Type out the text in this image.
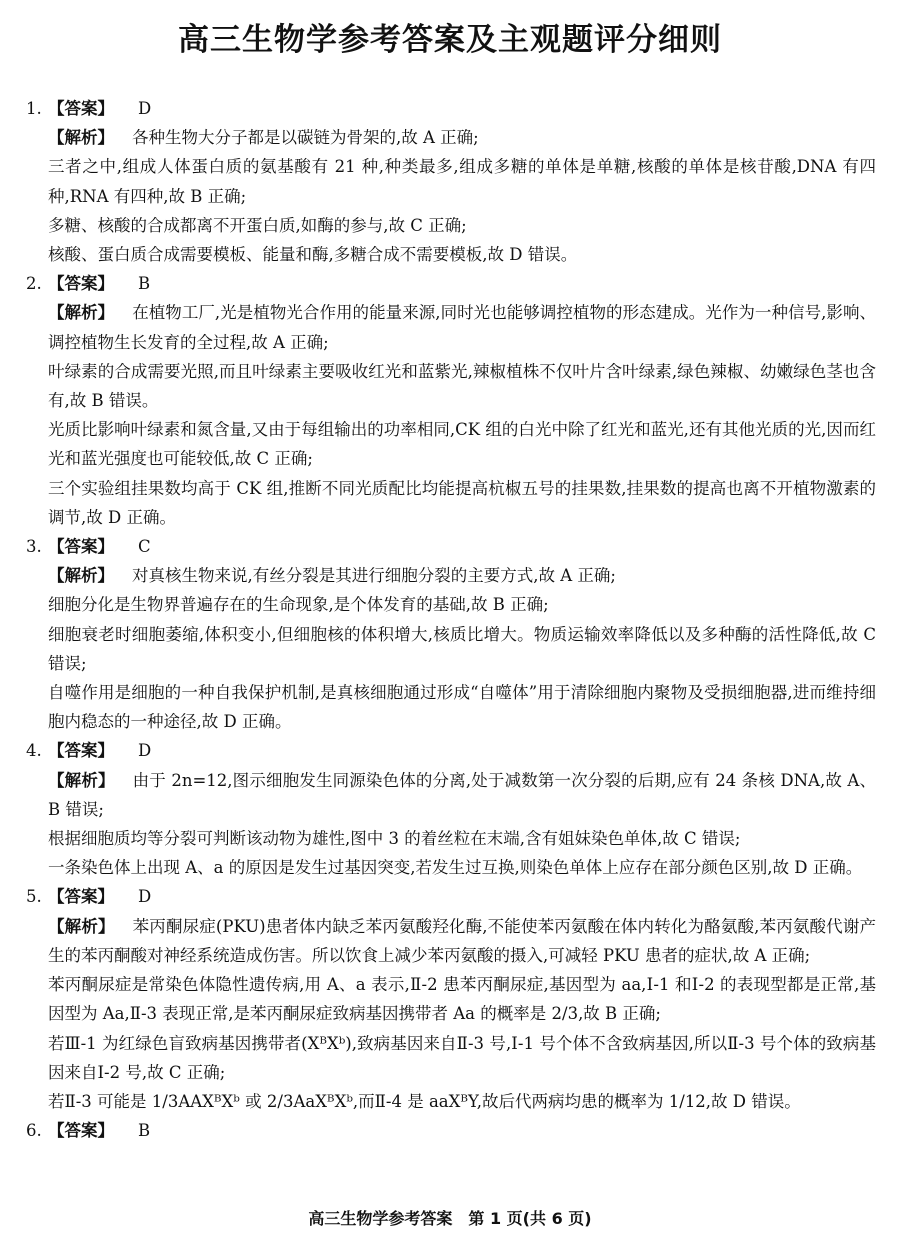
高三生物学参考答案及主观题评分细则
1. 【答案】 D

【解析】 各种生物大分子都是以碳链为骨架的,故 A 正确;

三者之中,组成人体蛋白质的氨基酸有 21 种,种类最多,组成多糖的单体是单糖,核酸的单体是核苷酸,DNA 有四种,RNA 有四种,故 B 正确;

多糖、核酸的合成都离不开蛋白质,如酶的参与,故 C 正确;

核酸、蛋白质合成需要模板、能量和酶,多糖合成不需要模板,故 D 错误。

2. 【答案】 B

【解析】 在植物工厂,光是植物光合作用的能量来源,同时光也能够调控植物的形态建成。光作为一种信号,影响、调控植物生长发育的全过程,故 A 正确;

叶绿素的合成需要光照,而且叶绿素主要吸收红光和蓝紫光,辣椒植株不仅叶片含叶绿素,绿色辣椒、幼嫩绿色茎也含有,故 B 错误。

光质比影响叶绿素和氮含量,又由于每组输出的功率相同,CK 组的白光中除了红光和蓝光,还有其他光质的光,因而红光和蓝光强度也可能较低,故 C 正确;

三个实验组挂果数均高于 CK 组,推断不同光质配比均能提高杭椒五号的挂果数,挂果数的提高也离不开植物激素的调节,故 D 正确。

3. 【答案】 C

【解析】 对真核生物来说,有丝分裂是其进行细胞分裂的主要方式,故 A 正确;

细胞分化是生物界普遍存在的生命现象,是个体发育的基础,故 B 正确;

细胞衰老时细胞萎缩,体积变小,但细胞核的体积增大,核质比增大。物质运输效率降低以及多种酶的活性降低,故 C 错误;

自噬作用是细胞的一种自我保护机制,是真核细胞通过形成“自噬体”用于清除细胞内聚物及受损细胞器,进而维持细胞内稳态的一种途径,故 D 正确。

4. 【答案】 D

【解析】 由于 2n=12,图示细胞发生同源染色体的分离,处于减数第一次分裂的后期,应有 24 条核 DNA,故 A、B 错误;

根据细胞质均等分裂可判断该动物为雄性,图中 3 的着丝粒在末端,含有姐妹染色单体,故 C 错误;

一条染色体上出现 A、a 的原因是发生过基因突变,若发生过互换,则染色单体上应存在部分颜色区别,故 D 正确。

5. 【答案】 D

【解析】 苯丙酮尿症(PKU)患者体内缺乏苯丙氨酸羟化酶,不能使苯丙氨酸在体内转化为酪氨酸,苯丙氨酸代谢产生的苯丙酮酸对神经系统造成伤害。所以饮食上减少苯丙氨酸的摄入,可减轻 PKU 患者的症状,故 A 正确;

苯丙酮尿症是常染色体隐性遗传病,用 A、a 表示,Ⅱ-2 患苯丙酮尿症,基因型为 aa,Ⅰ-1 和Ⅰ-2 的表现型都是正常,基因型为 Aa,Ⅱ-3 表现正常,是苯丙酮尿症致病基因携带者 Aa 的概率是 2/3,故 B 正确;

若Ⅲ-1 为红绿色盲致病基因携带者(XᴮXᵇ),致病基因来自Ⅱ-3 号,Ⅰ-1 号个体不含致病基因,所以Ⅱ-3 号个体的致病基因来自Ⅰ-2 号,故 C 正确;

若Ⅱ-3 可能是 1/3AAXᴮXᵇ 或 2/3AaXᴮXᵇ,而Ⅱ-4 是 aaXᴮY,故后代两病均患的概率为 1/12,故 D 错误。

6. 【答案】 B
高三生物学参考答案　第 1 页(共 6 页)
